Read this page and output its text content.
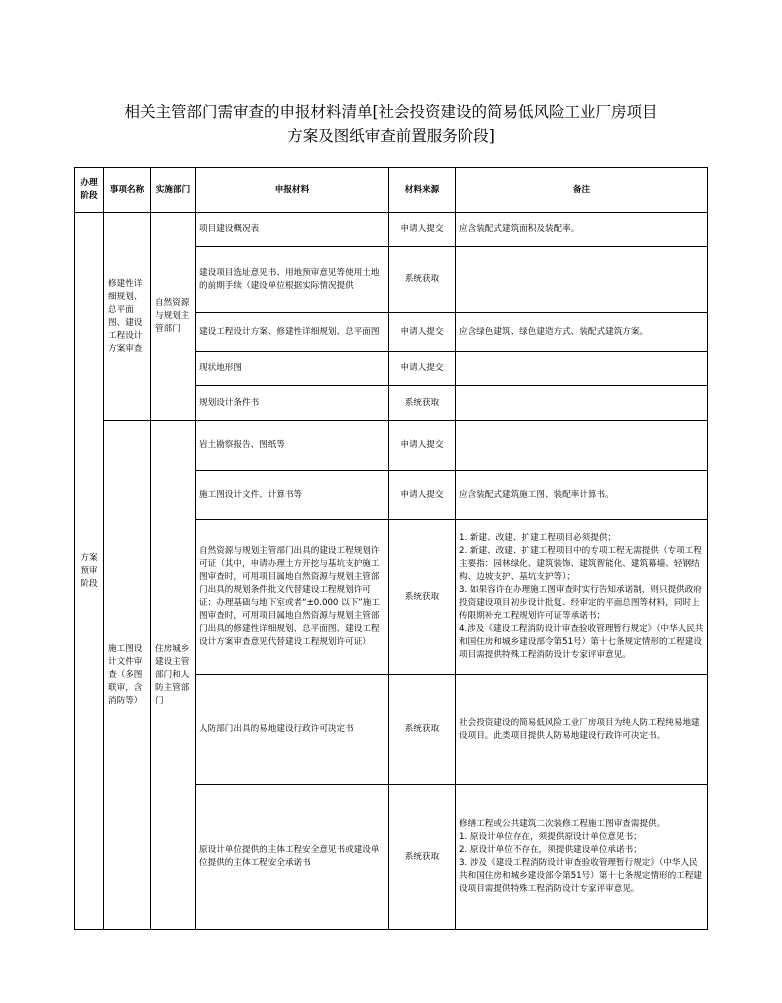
相关主管部门需审查的申报材料清单[社会投资建设的简易低风险工业厂房项目
方案及图纸审查前置服务阶段]
办理阶段	事项名称	实施部门	申报材料	材料来源	备注
方案预审阶段	修建性详细规划、总平面图、建设工程设计方案审查	自然资源与规划主管部门	项目建设概况表	申请人提交	应含装配式建筑面积及装配率。

			建设项目选址意见书、用地预审意见等使用土地的前期手续（建设单位根据实际情况提供	系统获取	
			建设工程设计方案、修建性详细规划、总平面图	申请人提交	应含绿色建筑、绿色建造方式、装配式建筑方案。

			现状地形图	申请人提交	
			规划设计条件书	系统获取	
	施工图设计文件审查（多图联审，含消防等）	住房城乡建设主管部门和人防主管部门	岩土勘察报告、图纸等	申请人提交	
			施工图设计文件、计算书等	申请人提交	应含装配式建筑施工图、装配率计算书。

			自然资源与规划主管部门出具的建设工程规划许可证（其中，申请办理土方开挖与基坑支护施工图审查时，可用项目属地自然资源与规划主管部门出具的规划条件批文代替建设工程规划许可证；办理基础与地下室或者“±0.000 以下”施工图审查时，可用项目属地自然资源与规划主管部门出具的修建性详细规划、总平面图、建设工程设计方案审查意见代替建设工程规划许可证）	系统获取	1. 新建、改建、扩建工程项目必须提供；
2. 新建、改建、扩建工程项目中的专项工程无需提供（专项工程主要指：园林绿化、建筑装饰、建筑智能化、建筑幕墙、轻钢结构、边坡支护、基坑支护等）；
3. 如果容许在办理施工图审查时实行告知承诺制，则只提供政府投资建设项目初步设计批复、经审定的平面总图等材料，同时上传限期补充工程规划许可证等承诺书；
4.涉及《建设工程消防设计审查验收管理暂行规定》（中华人民共和国住房和城乡建设部令第51号）第十七条规定情形的工程建设项目需提供特殊工程消防设计专家评审意见。

			人防部门出具的易地建设行政许可决定书	系统获取	社会投资建设的简易低风险工业厂房项目为纯人防工程纯易地建设项目。此类项目提供人防易地建设行政许可决定书。

			原设计单位提供的主体工程安全意见书或建设单位提供的主体工程安全承诺书	系统获取	修缮工程或公共建筑二次装修工程施工图审查需提供。
1. 原设计单位存在，须提供原设计单位意见书；
2. 原设计单位不存在，须提供建设单位承诺书；
3. 涉及《建设工程消防设计审查验收管理暂行规定》（中华人民共和国住房和城乡建设部令第51号）第十七条规定情形的工程建设项目需提供特殊工程消防设计专家评审意见。
